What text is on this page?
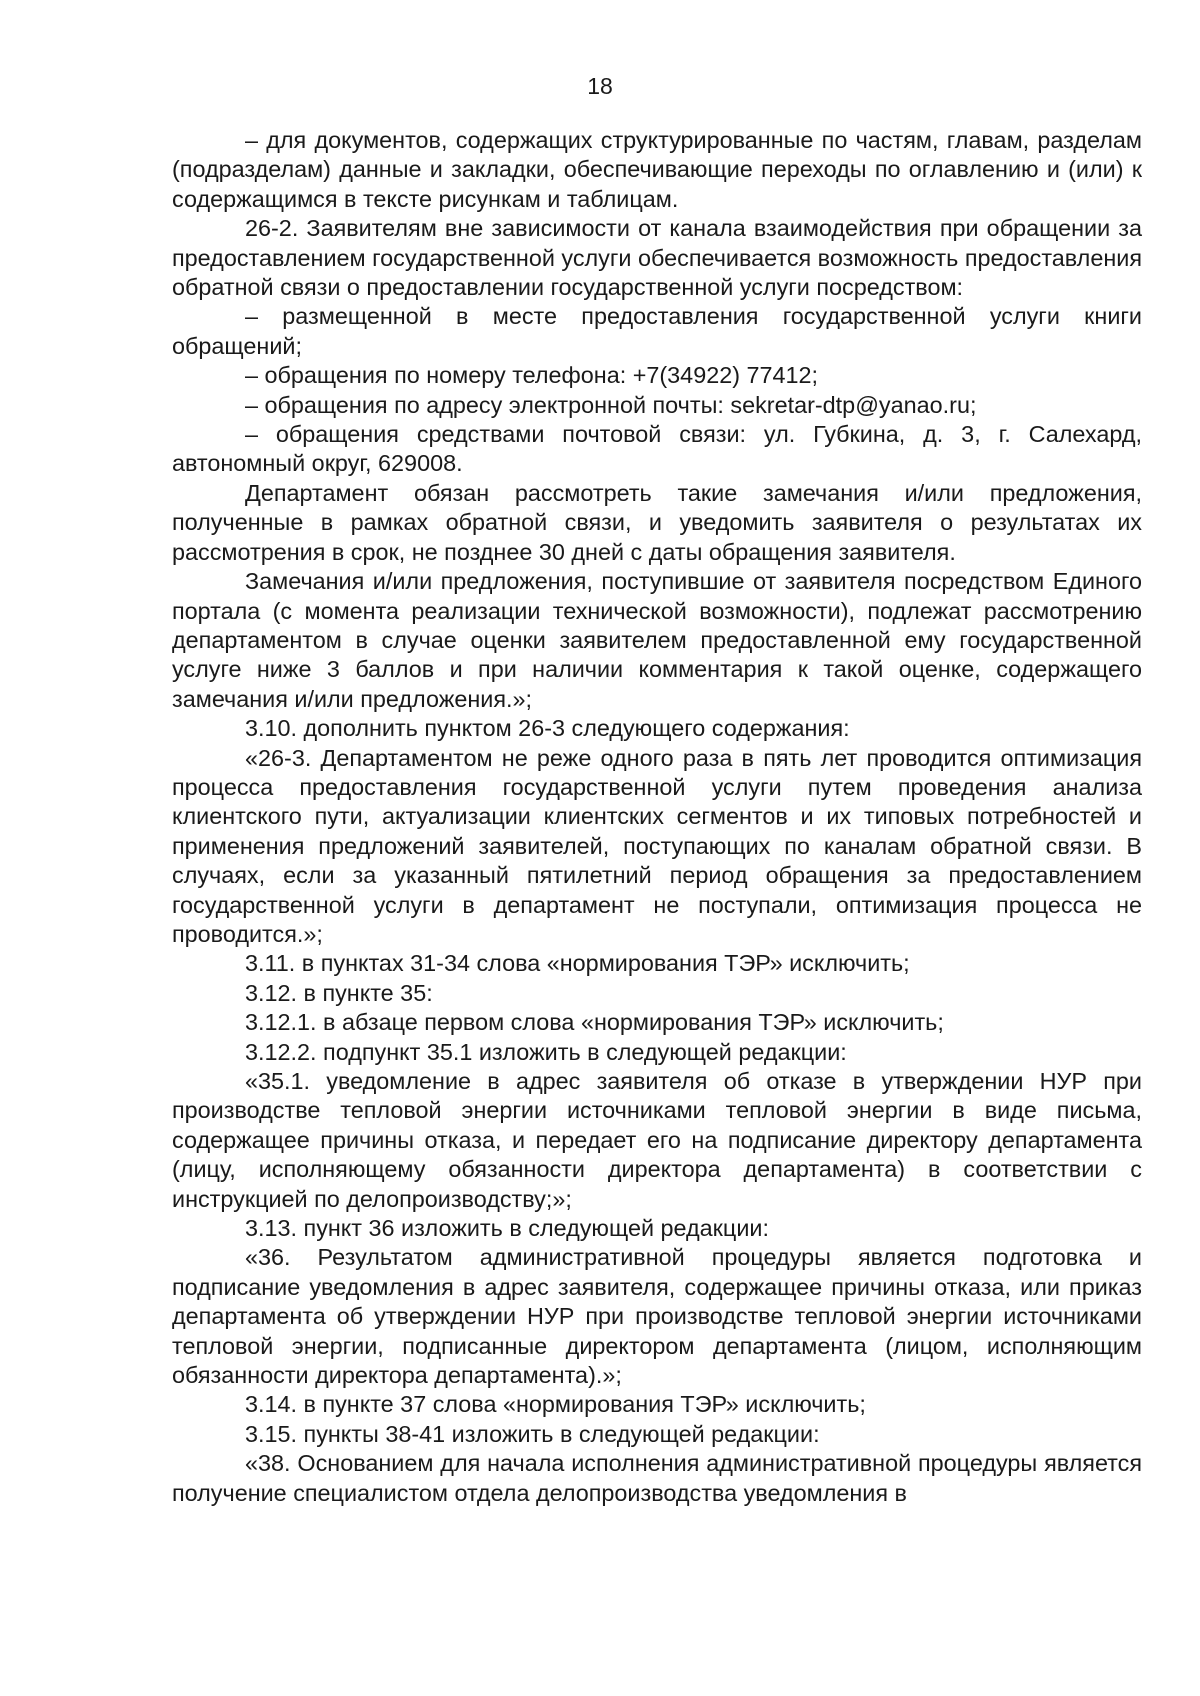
18

– для документов, содержащих структурированные по частям, главам, разделам (подразделам) данные и закладки, обеспечивающие переходы по оглавлению и (или) к содержащимся в тексте рисункам и таблицам.

26-2. Заявителям вне зависимости от канала взаимодействия при обращении за предоставлением государственной услуги обеспечивается возможность предоставления обратной связи о предоставлении государственной услуги посредством:

– размещенной в месте предоставления государственной услуги книги обращений;

– обращения по номеру телефона: +7(34922) 77412;

– обращения по адресу электронной почты: sekretar-dtp@yanao.ru;

– обращения средствами почтовой связи: ул. Губкина, д. 3, г. Салехард, автономный округ, 629008.

Департамент обязан рассмотреть такие замечания и/или предложения, полученные в рамках обратной связи, и уведомить заявителя о результатах их рассмотрения в срок, не позднее 30 дней с даты обращения заявителя.

Замечания и/или предложения, поступившие от заявителя посредством Единого портала (с момента реализации технической возможности), подлежат рассмотрению департаментом в случае оценки заявителем предоставленной ему государственной услуге ниже 3 баллов и при наличии комментария к такой оценке, содержащего замечания и/или предложения.»;

3.10. дополнить пунктом 26-3 следующего содержания:

«26-3. Департаментом не реже одного раза в пять лет проводится оптимизация процесса предоставления государственной услуги путем проведения анализа клиентского пути, актуализации клиентских сегментов и их типовых потребностей и применения предложений заявителей, поступающих по каналам обратной связи. В случаях, если за указанный пятилетний период обращения за предоставлением государственной услуги в департамент не поступали, оптимизация процесса не проводится.»;

3.11. в пунктах 31-34 слова «нормирования ТЭР» исключить;

3.12. в пункте 35:

3.12.1. в абзаце первом слова «нормирования ТЭР» исключить;

3.12.2. подпункт 35.1 изложить в следующей редакции:

«35.1. уведомление в адрес заявителя об отказе в утверждении НУР при производстве тепловой энергии источниками тепловой энергии в виде письма, содержащее причины отказа, и передает его на подписание директору департамента (лицу, исполняющему обязанности директора департамента) в соответствии с инструкцией по делопроизводству;»;

3.13. пункт 36 изложить в следующей редакции:

«36. Результатом административной процедуры является подготовка и подписание уведомления в адрес заявителя, содержащее причины отказа, или приказ департамента об утверждении НУР при производстве тепловой энергии источниками тепловой энергии, подписанные директором департамента (лицом, исполняющим обязанности директора департамента).»;

3.14. в пункте 37 слова «нормирования ТЭР» исключить;

3.15. пункты 38-41 изложить в следующей редакции:

«38. Основанием для начала исполнения административной процедуры является получение специалистом отдела делопроизводства уведомления в
